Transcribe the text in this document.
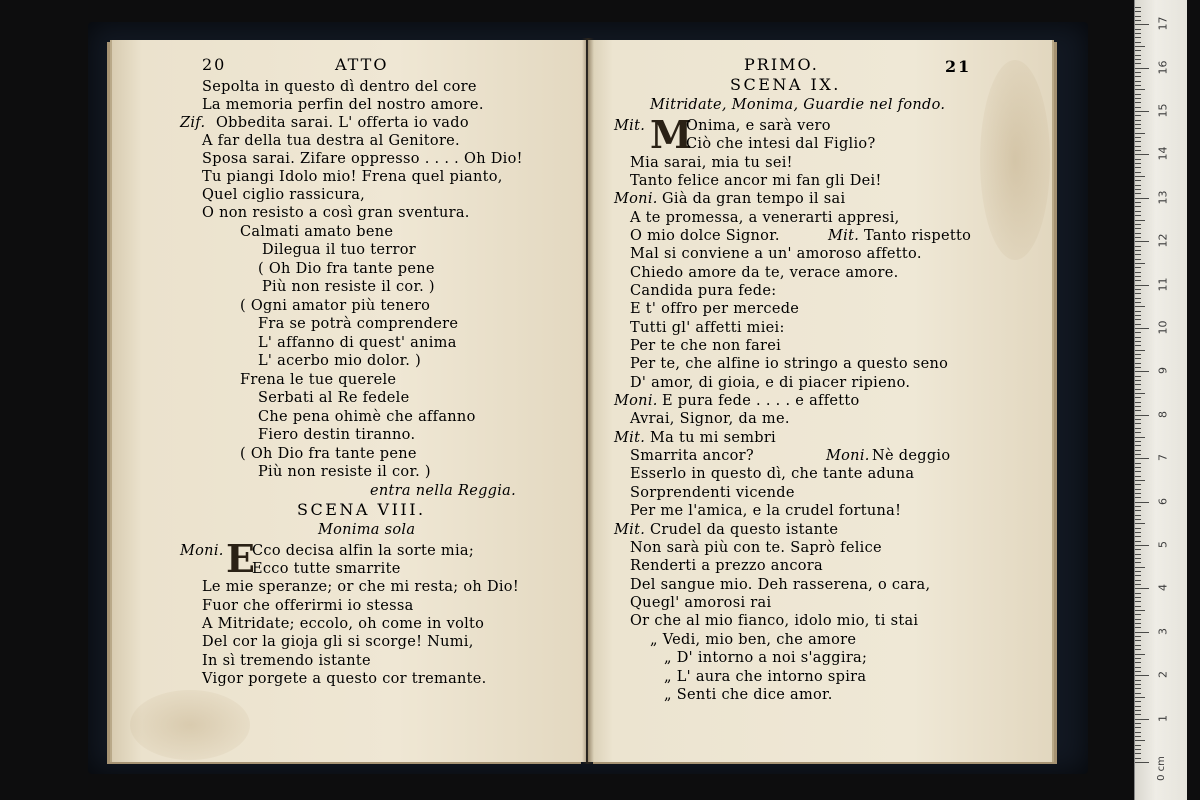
20	ATTO
Sepolta in questo dì dentro del core
La memoria perfin del nostro amore.
Zif. Obbedita sarai. L' offerta io vado
A far della tua destra al Genitore.
Sposa sarai. Zifare oppresso . . . . Oh Dio!
Tu piangi Idolo mio! Frena quel pianto,
Quel ciglio rassicura,
O non resisto a così gran sventura.
Calmati amato bene
Dilegua il tuo terror
( Oh Dio fra tante pene
Più non resiste il cor. )
( Ogni amator più tenero
Fra se potrà comprendere
L' affanno di quest' anima
L' acerbo mio dolor. )
Frena le tue querele
Serbati al Re fedele
Che pena ohimè che affanno
Fiero destin tiranno.
( Oh Dio fra tante pene
Più non resiste il cor. )
entra nella Reggia.
SCENA VIII.
Monima sola
Moni. E
Cco decisa alfin la sorte mia;
Ecco tutte smarrite
Le mie speranze; or che mi resta; oh Dio!
Fuor che offerirmi io stessa
A Mitridate; eccolo, oh come in volto
Del cor la gioja gli si scorge! Numi,
In sì tremendo istante
Vigor porgete a questo cor tremante.
PRIMO.	21
SCENA IX.
Mitridate, Monima, Guardie nel fondo.
Mit. M
Onima, e sarà vero
Ciò che intesi dal Figlio?
Mia sarai, mia tu sei!
Tanto felice ancor mi fan gli Dei!
Moni. Già da gran tempo il sai
A te promessa, a venerarti appresi,
O mio dolce Signor.	Mit. Tanto rispetto
Mal si conviene a un' amoroso affetto.
Chiedo amore da te, verace amore.
Candida pura fede:
E t' offro per mercede
Tutti gl' affetti miei:
Per te che non farei
Per te, che alfine io stringo a questo seno
D' amor, di gioia, e di piacer ripieno.
Moni. E pura fede . . . . e affetto
Avrai, Signor, da me.
Mit. Ma tu mi sembri
Smarrita ancor?	Moni. Nè deggio
Esserlo in questo dì, che tante aduna
Sorprendenti vicende
Per me l'amica, e la crudel fortuna!
Mit. Crudel da questo istante
Non sarà più con te. Saprò felice
Renderti a prezzo ancora
Del sangue mio. Deh rasserena, o cara,
Quegl' amorosi rai
Or che al mio fianco, idolo mio, ti stai
„ Vedi, mio ben, che amore
„ D' intorno a noi s'aggira;
„ L' aura che intorno spira
„ Senti che dice amor.
0 cm
1
2
3
4
5
6
7
8
9
10
11
12
13
14
15
16
17
